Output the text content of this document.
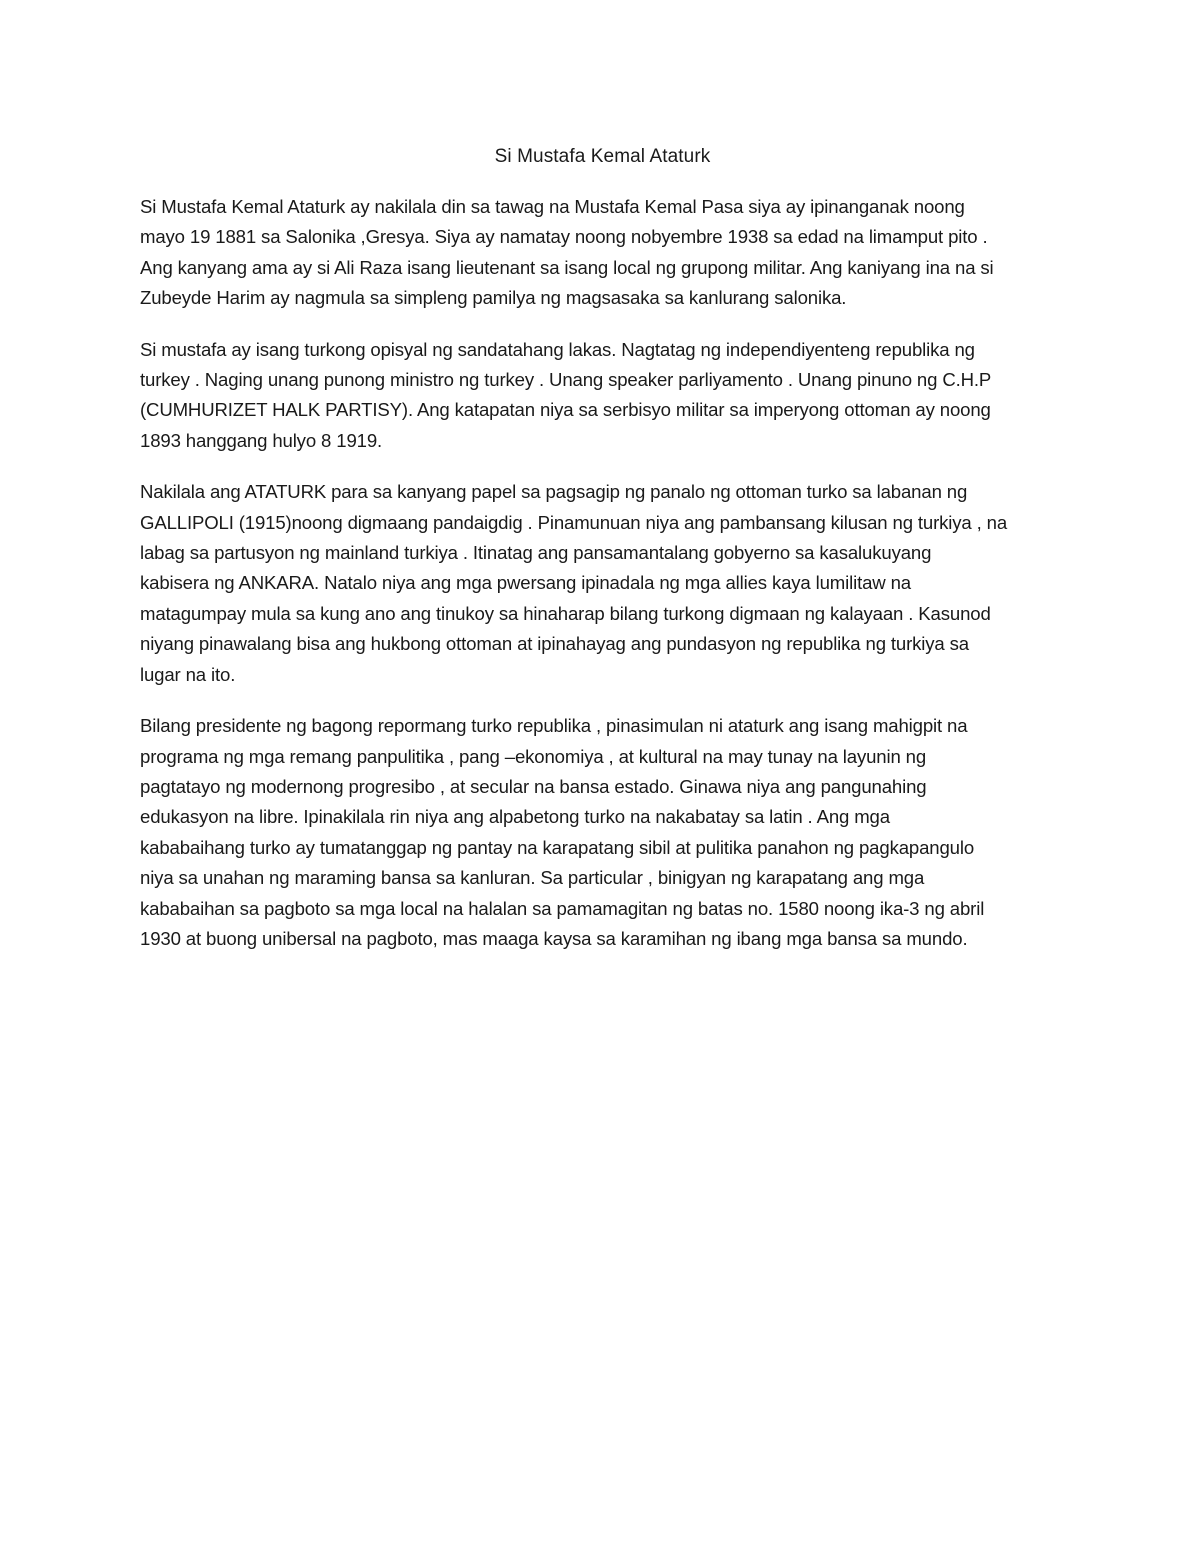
Si Mustafa Kemal Ataturk
Si Mustafa Kemal Ataturk ay nakilala din sa tawag na Mustafa Kemal Pasa siya ay ipinanganak noong
mayo 19 1881 sa Salonika ,Gresya. Siya ay namatay noong nobyembre 1938 sa edad na limamput pito .
Ang kanyang ama ay si Ali Raza isang lieutenant sa isang local ng grupong militar. Ang kaniyang ina na si
Zubeyde Harim ay nagmula sa simpleng pamilya ng magsasaka sa kanlurang salonika.
Si mustafa ay isang turkong opisyal ng sandatahang lakas. Nagtatag ng independiyenteng republika ng
turkey . Naging unang punong ministro ng turkey . Unang speaker parliyamento . Unang pinuno ng C.H.P
(CUMHURIZET HALK PARTISY). Ang katapatan niya sa serbisyo militar sa imperyong ottoman ay noong
1893 hanggang hulyo 8 1919.
Nakilala ang ATATURK para sa kanyang papel sa pagsagip ng panalo ng ottoman turko sa labanan ng
GALLIPOLI (1915)noong digmaang pandaigdig . Pinamunuan niya ang pambansang kilusan ng turkiya , na
labag sa partusyon ng mainland turkiya . Itinatag ang pansamantalang gobyerno sa kasalukuyang
kabisera ng ANKARA. Natalo niya ang mga pwersang ipinadala ng mga allies kaya lumilitaw na
matagumpay mula sa kung ano ang tinukoy sa hinaharap bilang turkong digmaan ng kalayaan . Kasunod
niyang pinawalang bisa ang hukbong ottoman at ipinahayag ang pundasyon ng republika ng turkiya sa
lugar na ito.
Bilang presidente ng bagong repormang turko republika , pinasimulan ni ataturk ang isang mahigpit na
programa ng mga remang panpulitika , pang –ekonomiya , at kultural na may tunay na layunin ng
pagtatayo ng modernong progresibo , at secular na bansa estado. Ginawa niya ang pangunahing
edukasyon na libre. Ipinakilala rin niya ang alpabetong turko na nakabatay sa latin . Ang mga
kababaihang turko ay tumatanggap ng pantay na karapatang sibil at pulitika panahon ng pagkapangulo
niya sa unahan ng maraming bansa sa kanluran. Sa particular , binigyan ng karapatang ang mga
kababaihan sa pagboto sa mga local na halalan sa pamamagitan ng batas no. 1580 noong ika-3 ng abril
1930 at buong unibersal na pagboto, mas maaga kaysa sa karamihan ng ibang mga bansa sa mundo.
